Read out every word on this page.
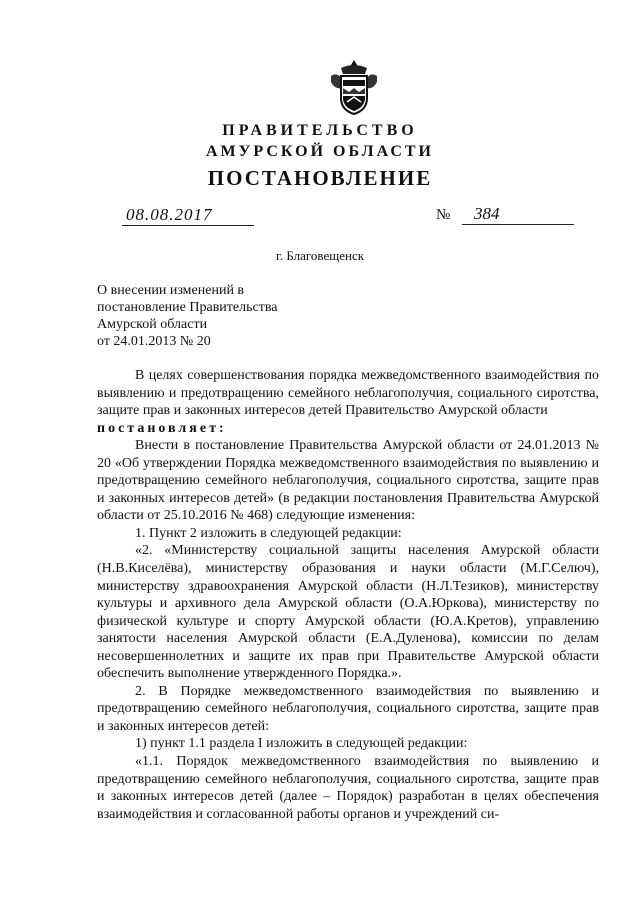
ПРАВИТЕЛЬСТВО
АМУРСКОЙ ОБЛАСТИ
ПОСТАНОВЛЕНИЕ
08.08.2017	№	384
г. Благовещенск
О внесении изменений в
постановление Правительства
Амурской области
от 24.01.2013 № 20

В целях совершенствования порядка межведомственного взаимодействия по выявлению и предотвращению семейного неблагополучия, социального сиротства, защите прав и законных интересов детей Правительство Амурской области

постановляет:

Внести в постановление Правительства Амурской области от 24.01.2013 № 20 «Об утверждении Порядка межведомственного взаимодействия по выявлению и предотвращению семейного неблагополучия, социального сиротства, защите прав и законных интересов детей» (в редакции постановления Правительства Амурской области от 25.10.2016 № 468) следующие изменения:

1. Пункт 2 изложить в следующей редакции:

«2. «Министерству социальной защиты населения Амурской области (Н.В.Киселёва), министерству образования и науки области (М.Г.Селюч), министерству здравоохранения Амурской области (Н.Л.Тезиков), министерству культуры и архивного дела Амурской области (О.А.Юркова), министерству по физической культуре и спорту Амурской области (Ю.А.Кретов), управлению занятости населения Амурской области (Е.А.Дуленова), комиссии по делам несовершеннолетних и защите их прав при Правительстве Амурской области обеспечить выполнение утвержденного Порядка.».

2. В Порядке межведомственного взаимодействия по выявлению и предотвращению семейного неблагополучия, социального сиротства, защите прав и законных интересов детей:

1) пункт 1.1 раздела I изложить в следующей редакции:

«1.1. Порядок межведомственного взаимодействия по выявлению и предотвращению семейного неблагополучия, социального сиротства, защите прав и законных интересов детей (далее – Порядок) разработан в целях обеспечения взаимодействия и согласованной работы органов и учреждений си-
